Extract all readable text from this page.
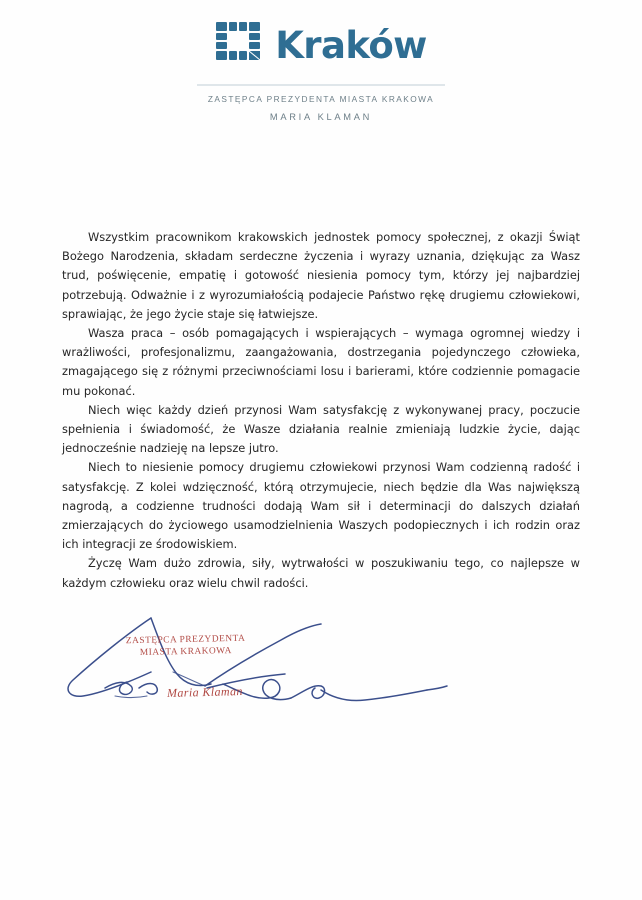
Kraków
ZASTĘPCA PREZYDENTA MIASTA KRAKOWA
MARIA KLAMAN

Wszystkim pracownikom krakowskich jednostek pomocy społecznej, z okazji Świąt Bożego Narodzenia, składam serdeczne życzenia i wyrazy uznania, dziękując za Wasz trud, poświęcenie, empatię i gotowość niesienia pomocy tym, którzy jej najbardziej potrzebują. Odważnie i z wyrozumiałością podajecie Państwo rękę drugiemu człowiekowi, sprawiając, że jego życie staje się łatwiejsze.

Wasza praca – osób pomagających i wspierających – wymaga ogromnej wiedzy i wrażliwości, profesjonalizmu, zaangażowania, dostrzegania pojedynczego człowieka, zmagającego się z różnymi przeciwnościami losu i barierami, które codziennie pomagacie mu pokonać.

Niech więc każdy dzień przynosi Wam satysfakcję z wykonywanej pracy, poczucie spełnienia i świadomość, że Wasze działania realnie zmieniają ludzkie życie, dając jednocześnie nadzieję na lepsze jutro.

Niech to niesienie pomocy drugiemu człowiekowi przynosi Wam codzienną radość i satysfakcję. Z kolei wdzięczność, którą otrzymujecie, niech będzie dla Was największą nagrodą, a codzienne trudności dodają Wam sił i determinacji do dalszych działań zmierzających do życiowego usamodzielnienia Waszych podopiecznych i ich rodzin oraz ich integracji ze środowiskiem.

Życzę Wam dużo zdrowia, siły, wytrwałości w poszukiwaniu tego, co najlepsze w każdym człowieku oraz wielu chwil radości.

ZASTĘPCA PREZYDENTA
MIASTA KRAKOWA
Maria Klaman
